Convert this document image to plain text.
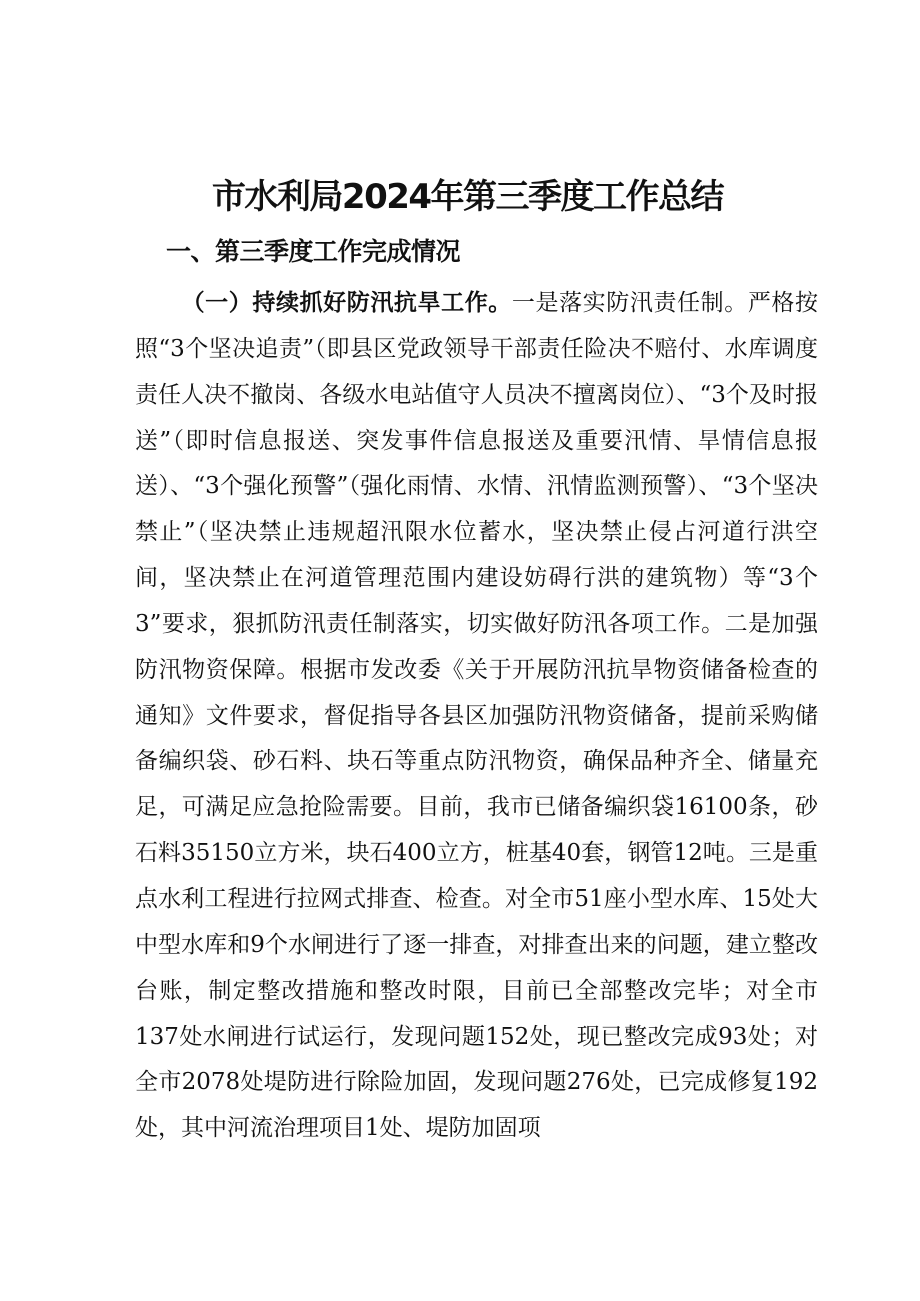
市水利局2024年第三季度工作总结
一、第三季度工作完成情况

（一）持续抓好防汛抗旱工作。一是落实防汛责任制。严格按照“3个坚决追责”（即县区党政领导干部责任险决不赔付、水库调度责任人决不撤岗、各级水电站值守人员决不擅离岗位）、“3个及时报送”（即时信息报送、突发事件信息报送及重要汛情、旱情信息报送）、“3个强化预警”（强化雨情、水情、汛情监测预警）、“3个坚决禁止”（坚决禁止违规超汛限水位蓄水，坚决禁止侵占河道行洪空间，坚决禁止在河道管理范围内建设妨碍行洪的建筑物）等“3个3”要求，狠抓防汛责任制落实，切实做好防汛各项工作。二是加强防汛物资保障。根据市发改委《关于开展防汛抗旱物资储备检查的通知》文件要求，督促指导各县区加强防汛物资储备，提前采购储备编织袋、砂石料、块石等重点防汛物资，确保品种齐全、储量充足，可满足应急抢险需要。目前，我市已储备编织袋16100条，砂石料35150立方米，块石400立方，桩基40套，钢管12吨。三是重点水利工程进行拉网式排查、检查。对全市51座小型水库、15处大中型水库和9个水闸进行了逐一排查，对排查出来的问题，建立整改台账，制定整改措施和整改时限，目前已全部整改完毕；对全市137处水闸进行试运行，发现问题152处，现已整改完成93处；对全市2078处堤防进行除险加固，发现问题276处，已完成修复192处，其中河流治理项目1处、堤防加固项
